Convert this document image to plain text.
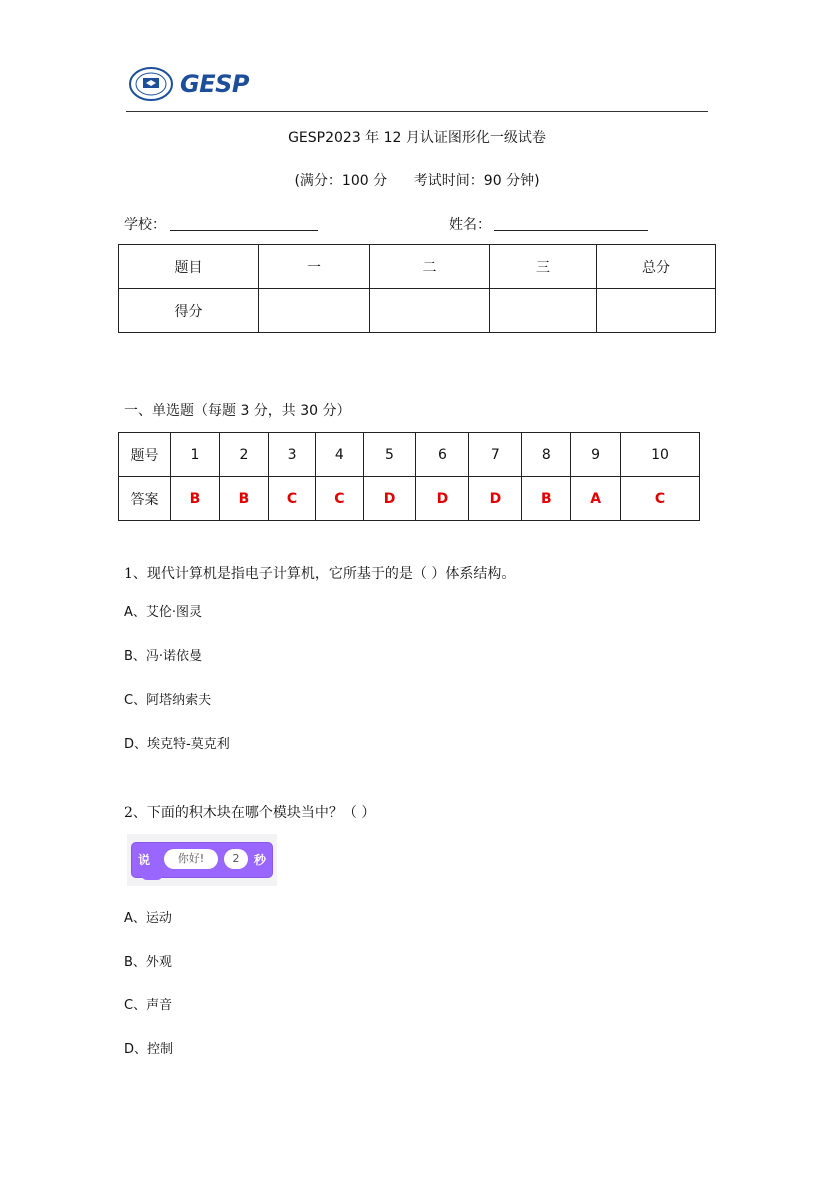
GESP
GESP2023 年 12 月认证图形化一级试卷
(满分：100 分      考试时间：90 分钟)
学校：	姓名：
题目	一	二	三	总分
得分				
一、单选题（每题 3 分，共 30 分）
题号	1	2	3	4	5	6	7	8	9	10
答案	B	B	C	C	D	D	D	B	A	C
1、现代计算机是指电子计算机，它所基于的是（ ）体系结构。
A、艾伦·图灵
B、冯·诺依曼
C、阿塔纳索夫
D、埃克特-莫克利
2、下面的积木块在哪个模块当中？（ ）
说	你好!	2	秒
A、运动
B、外观
C、声音
D、控制
